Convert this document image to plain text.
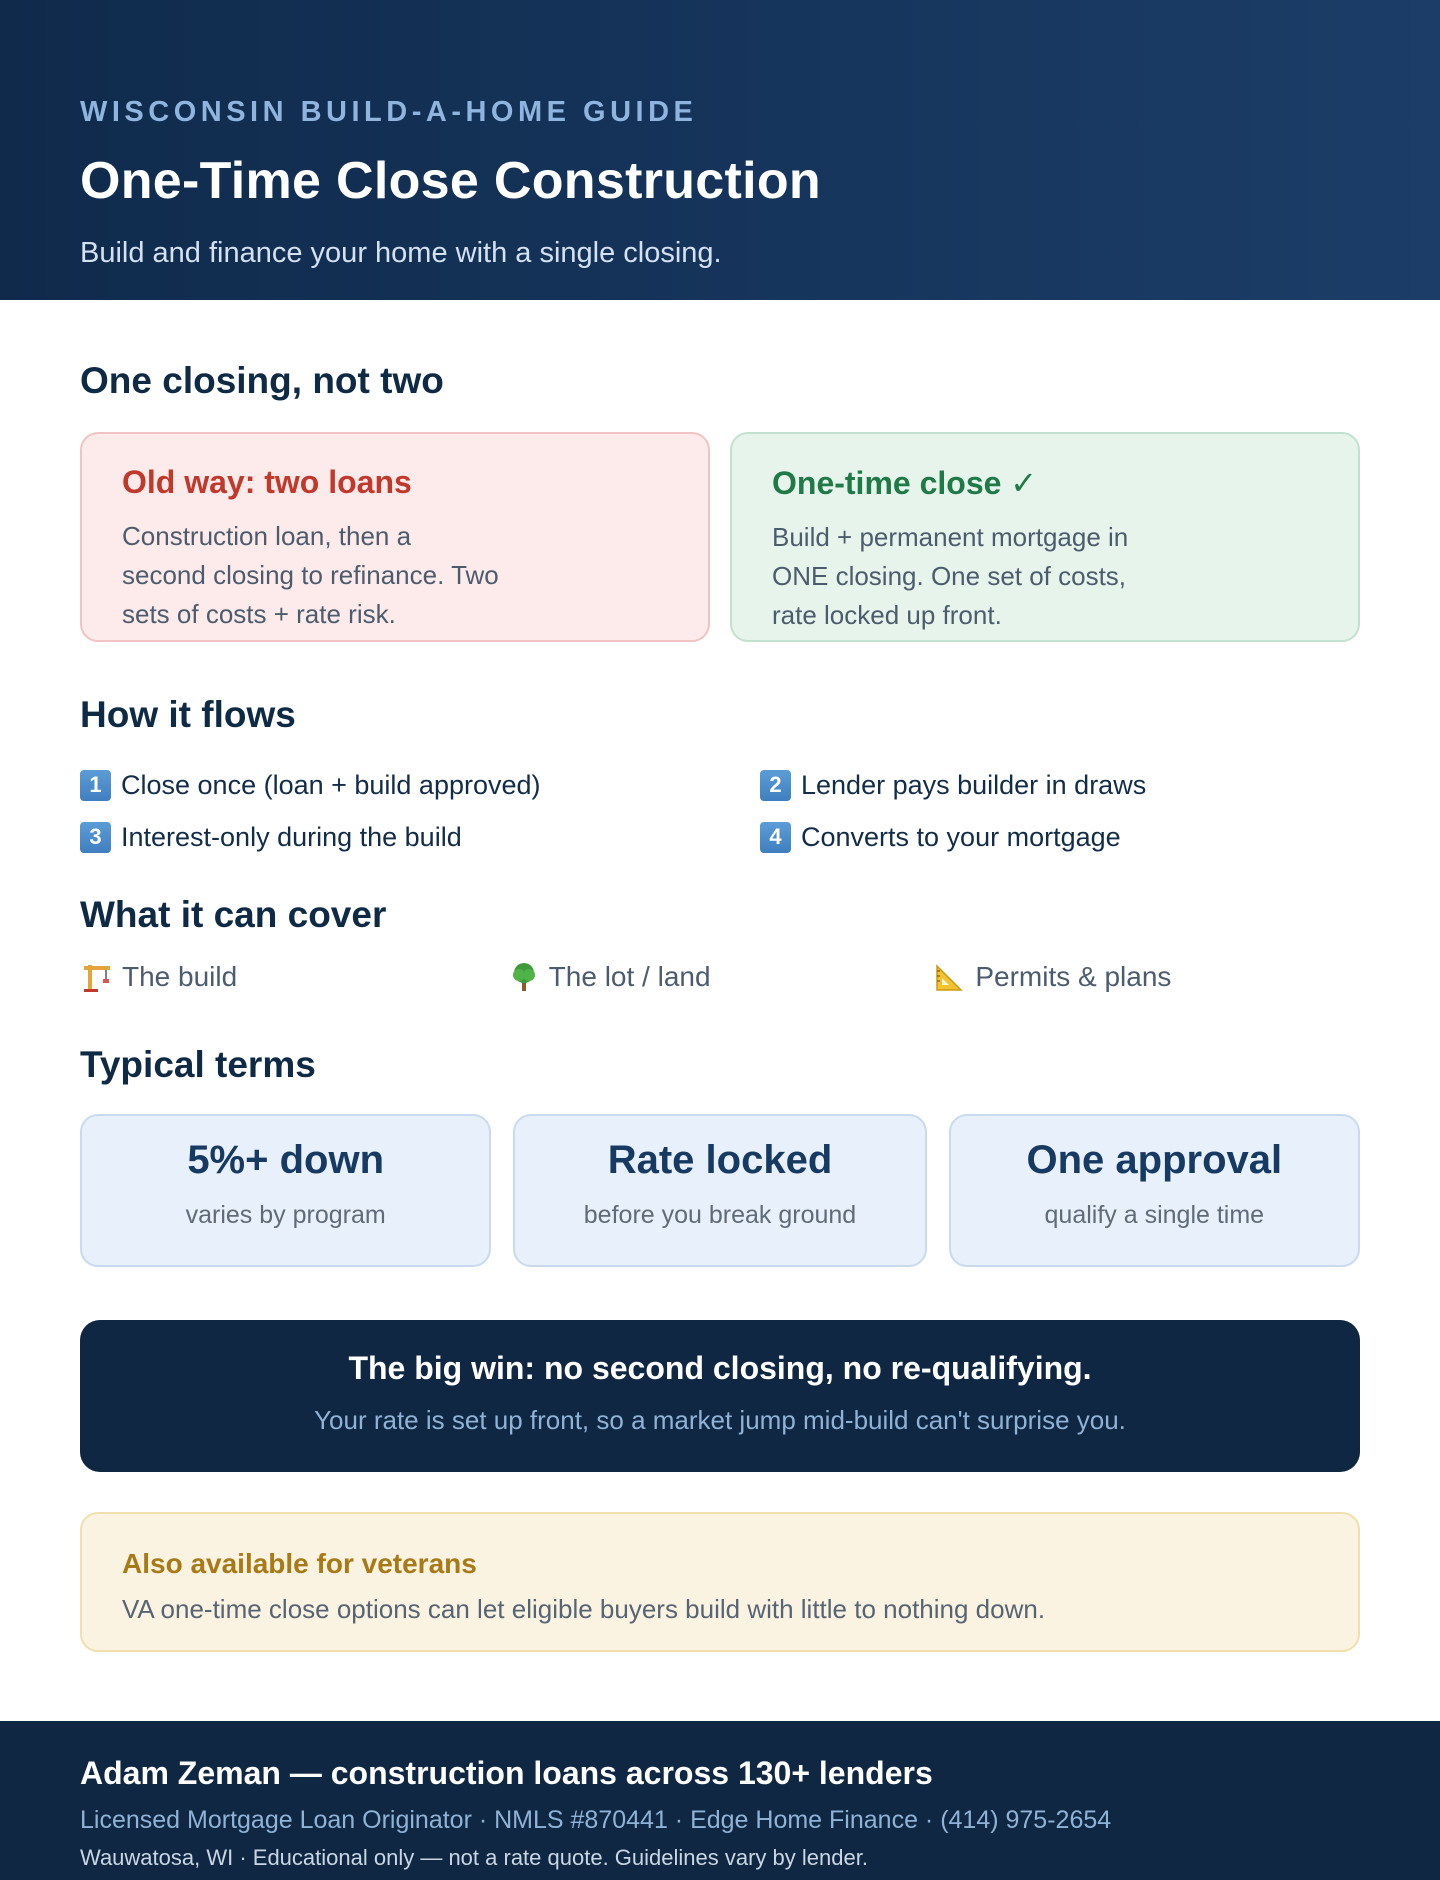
WISCONSIN BUILD-A-HOME GUIDE
One-Time Close Construction

Build and finance your home with a single closing.

One closing, not two
Old way: two loans

Construction loan, then a second closing to refinance. Two sets of costs + rate risk.

One-time close ✓

Build + permanent mortgage in ONE closing. One set of costs, rate locked up front.

How it flows
1 Close once (loan + build approved)	2 Lender pays builder in draws
3 Interest-only during the build	4 Converts to your mortgage
What it can cover
The build	The lot / land	Permits & plans
Typical terms
5%+ down
varies by program
Rate locked
before you break ground
One approval
qualify a single time
The big win: no second closing, no re-qualifying.
Your rate is set up front, so a market jump mid-build can't surprise you.
Also available for veterans
VA one-time close options can let eligible buyers build with little to nothing down.
Adam Zeman — construction loans across 130+ lenders
Licensed Mortgage Loan Originator · NMLS #870441 · Edge Home Finance · (414) 975-2654
Wauwatosa, WI · Educational only — not a rate quote. Guidelines vary by lender.
